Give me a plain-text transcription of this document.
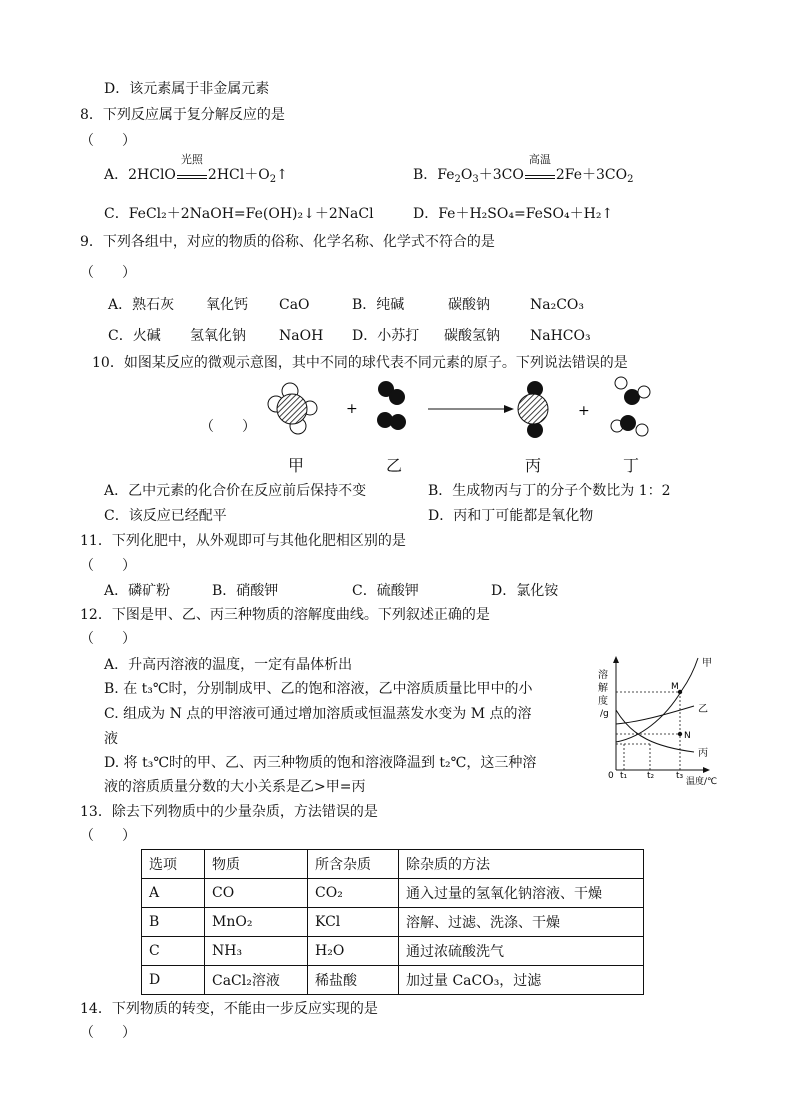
D．该元素属于非金属元素
8．下列反应属于复分解反应的是
（　　）
A．2HClO
光照
$2HCl+O_2↑$	B．$Fe_2O_3+3CO$
高温
$2Fe+3CO_2$
C．FeCl₂＋2NaOH=Fe(OH)₂↓＋2NaCl	D．Fe＋H₂SO₄=FeSO₄＋H₂↑
9．下列各组中，对应的物质的俗称、化学名称、化学式不符合的是
（　　）
A．熟石灰 氧化钙 CaO	B．纯碱	碳酸钠	Na₂CO₃
C．火碱 氢氧化钠 NaOH D．小苏打 碳酸氢钠 NaHCO₃
10．如图某反应的微观示意图，其中不同的球代表不同元素的原子。下列说法错误的是
（　　）
+	+
甲	乙	丙	丁
A．乙中元素的化合价在反应前后保持不变	B．生成物丙与丁的分子个数比为 1：2
C．该反应已经配平	D．丙和丁可能都是氧化物
11．下列化肥中，从外观即可与其他化肥相区别的是
（　　）
A．磷矿粉	B．硝酸钾	C．硫酸钾	D．氯化铵
12．下图是甲、乙、丙三种物质的溶解度曲线。下列叙述正确的是
（　　）
A．升高丙溶液的温度，一定有晶体析出
B. 在 t₃℃时，分别制成甲、乙的饱和溶液，乙中溶质质量比甲中的小
C. 组成为 N 点的甲溶液可通过增加溶质或恒温蒸发水变为 M 点的溶
液
D. 将 t₃℃时的甲、乙、丙三种物质的饱和溶液降温到 t₂℃，这三种溶
液的溶质质量分数的大小关系是乙>甲=丙
溶
解
度
/g
0 t₁ t₂ t₃
温度/℃
甲
乙
丙
M
N
13．除去下列物质中的少量杂质，方法错误的是
（　　）
选项	物质	所含杂质	除杂质的方法
A	CO	CO₂	通入过量的氢氧化钠溶液、干燥
B	MnO₂	KCl	溶解、过滤、洗涤、干燥
C	NH₃	H₂O	通过浓硫酸洗气
D	CaCl₂溶液	稀盐酸	加过量 CaCO₃，过滤
14．下列物质的转变，不能由一步反应实现的是
（　　）
